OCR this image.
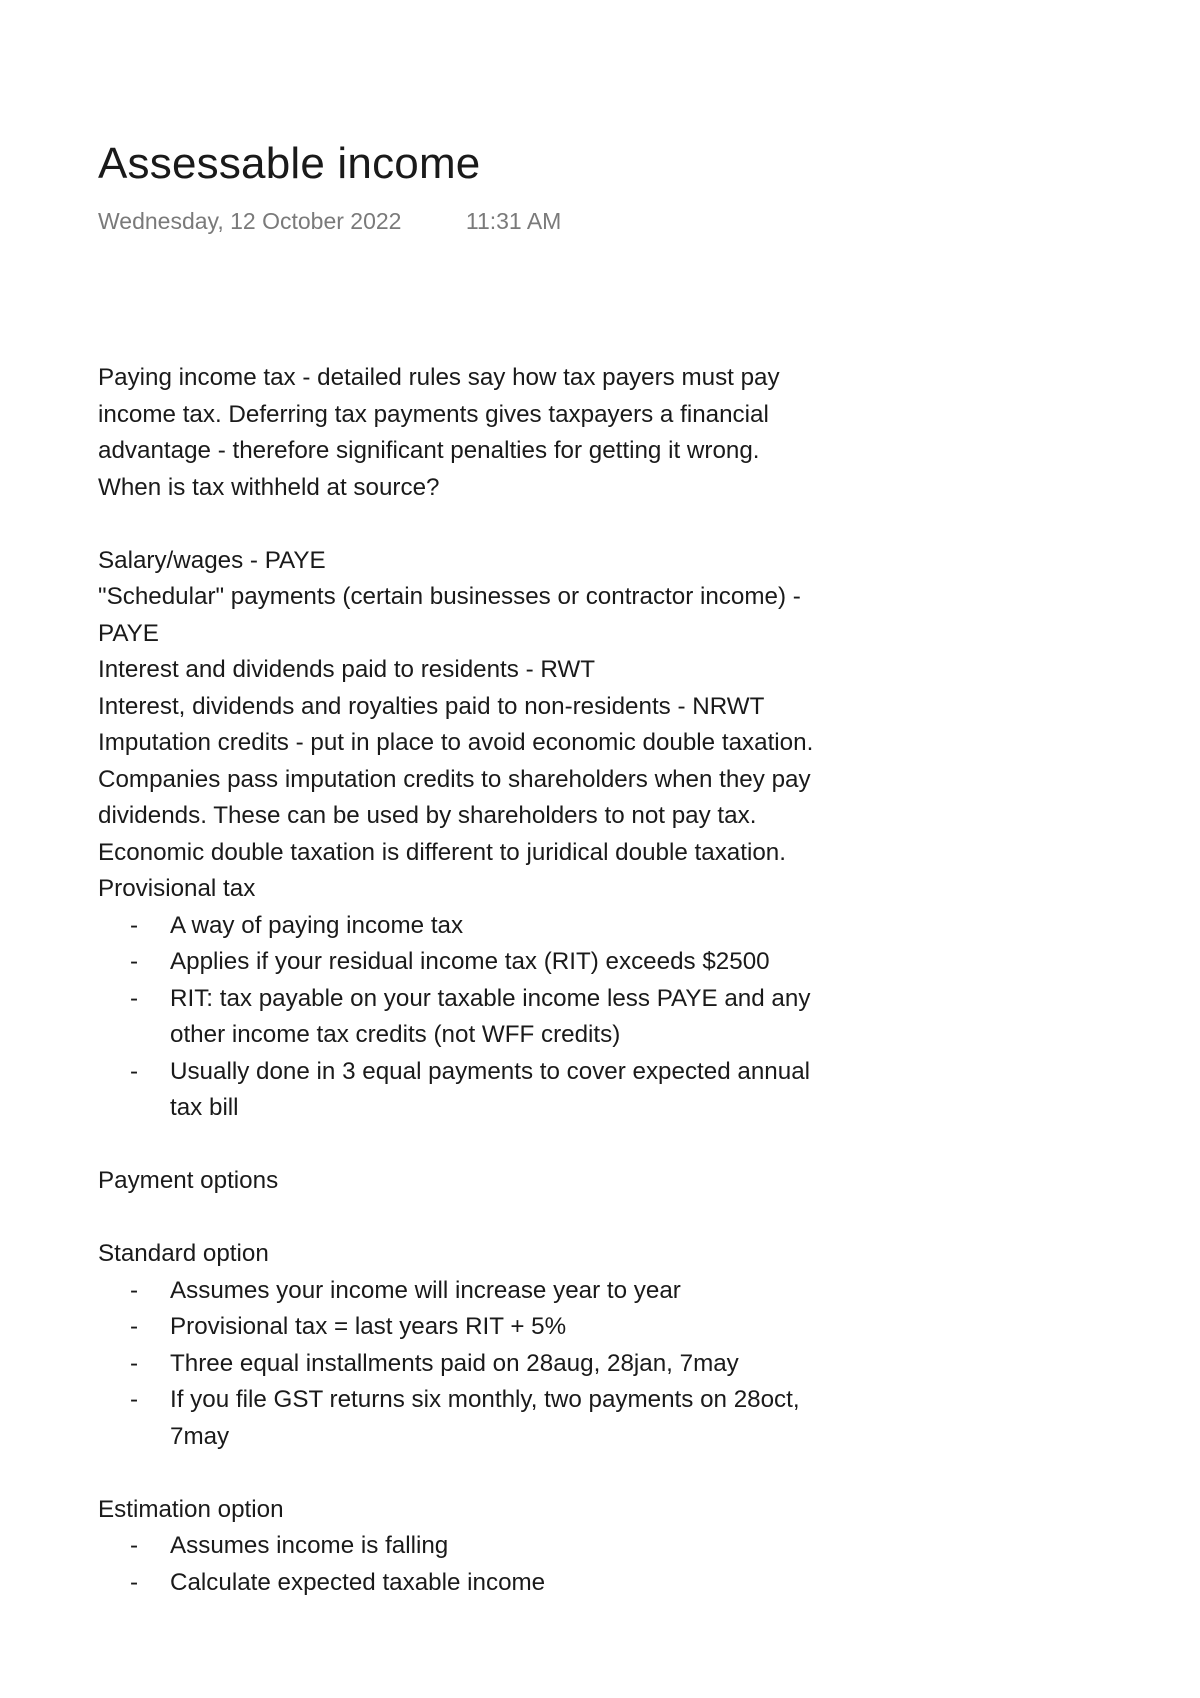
Assessable income
Wednesday, 12 October 2022	11:31 AM

Paying income tax - detailed rules say how tax payers must pay

income tax. Deferring tax payments gives taxpayers a financial

advantage - therefore significant penalties for getting it wrong.

When is tax withheld at source?

Salary/wages - PAYE

"Schedular" payments (certain businesses or contractor income) -

PAYE

Interest and dividends paid to residents - RWT

Interest, dividends and royalties paid to non-residents - NRWT

Imputation credits - put in place to avoid economic double taxation.

Companies pass imputation credits to shareholders when they pay

dividends. These can be used by shareholders to not pay tax.

Economic double taxation is different to juridical double taxation.

Provisional tax

- A way of paying income tax
- Applies if your residual income tax (RIT) exceeds $2500
- RIT: tax payable on your taxable income less PAYE and any
other income tax credits (not WFF credits)
- Usually done in 3 equal payments to cover expected annual
tax bill

Payment options

Standard option

- Assumes your income will increase year to year
- Provisional tax = last years RIT + 5%
- Three equal installments paid on 28aug, 28jan, 7may
- If you file GST returns six monthly, two payments on 28oct,
7may

Estimation option

- Assumes income is falling
- Calculate expected taxable income
